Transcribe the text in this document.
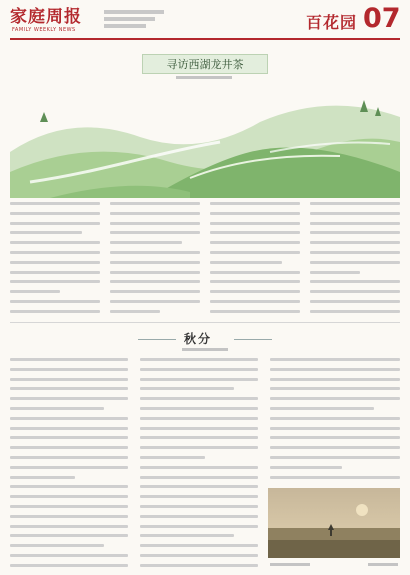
家庭周报
FAMILY WEEKLY NEWS	百花园 07
寻访西湖龙井茶
秋分
